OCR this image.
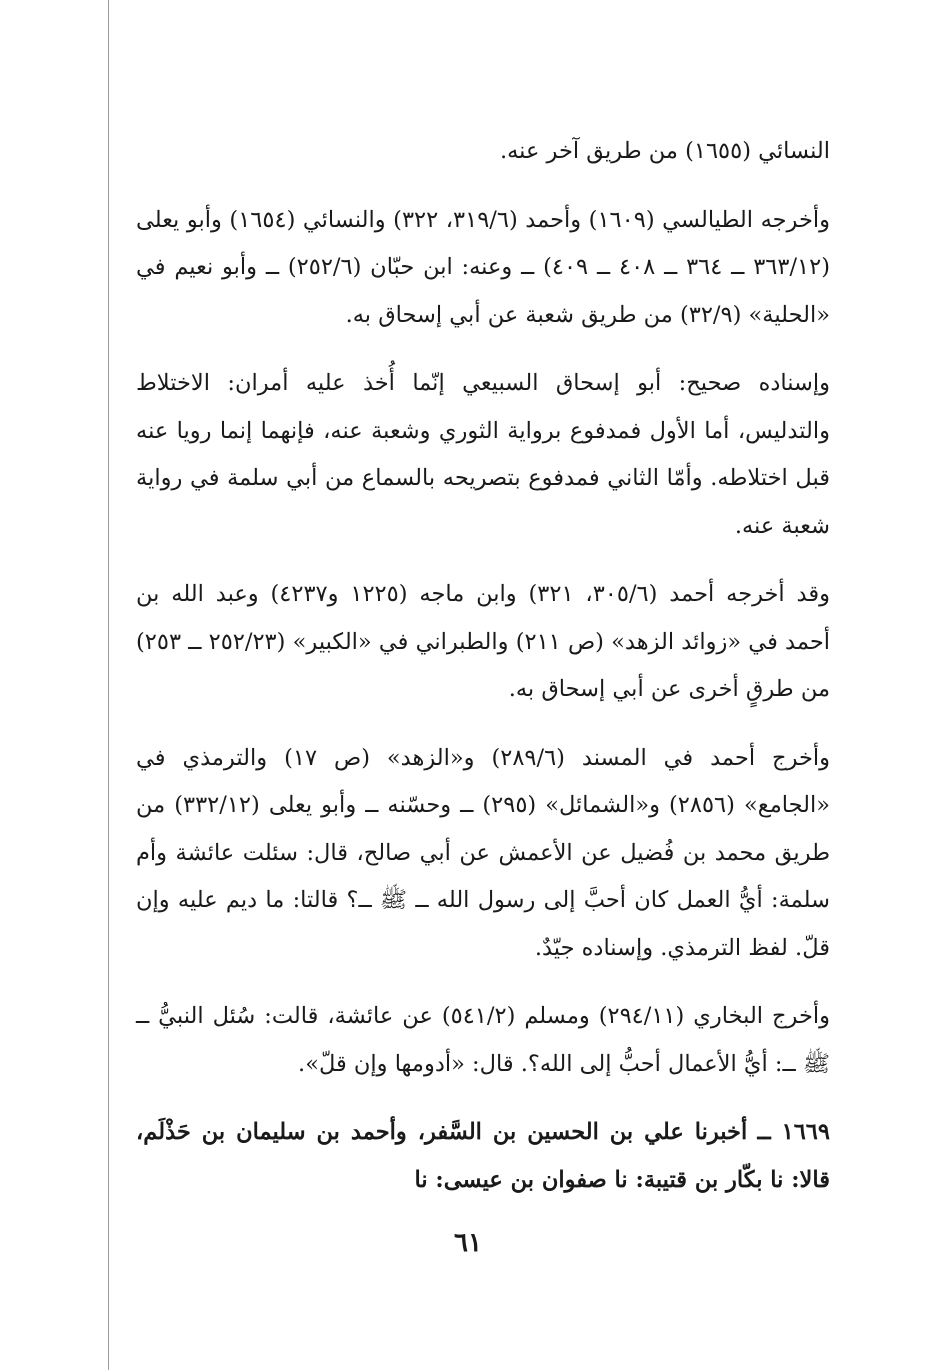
النسائي (١٦٥٥) من طريق آخر عنه.

وأخرجه الطيالسي (١٦٠٩) وأحمد (٣١٩/٦، ٣٢٢) والنسائي (١٦٥٤) وأبو يعلى (٣٦٣/١٢ ــ ٣٦٤ ــ ٤٠٨ ــ ٤٠٩) ــ وعنه: ابن حبّان (٢٥٢/٦) ــ وأبو نعيم في «الحلية» (٣٢/٩) من طريق شعبة عن أبي إسحاق به.

وإسناده صحيح: أبو إسحاق السبيعي إنّما أُخذ عليه أمران: الاختلاط والتدليس، أما الأول فمدفوع برواية الثوري وشعبة عنه، فإنهما إنما رويا عنه قبل اختلاطه. وأمّا الثاني فمدفوع بتصريحه بالسماع من أبي سلمة في رواية شعبة عنه.

وقد أخرجه أحمد (٣٠٥/٦، ٣٢١) وابن ماجه (١٢٢٥ و٤٢٣٧) وعبد الله بن أحمد في «زوائد الزهد» (ص ٢١١) والطبراني في «الكبير» (٢٥٢/٢٣ ــ ٢٥٣) من طرقٍ أخرى عن أبي إسحاق به.

وأخرج أحمد في المسند (٢٨٩/٦) و«الزهد» (ص ١٧) والترمذي في «الجامع» (٢٨٥٦) و«الشمائل» (٢٩٥) ــ وحسّنه ــ وأبو يعلى (٣٣٢/١٢) من طريق محمد بن فُضيل عن الأعمش عن أبي صالح، قال: سئلت عائشة وأم سلمة: أيُّ العمل كان أحبَّ إلى رسول الله ــ ﷺ ــ؟ قالتا: ما ديم عليه وإن قلّ. لفظ الترمذي. وإسناده جيّدٌ.

وأخرج البخاري (٢٩٤/١١) ومسلم (٥٤١/٢) عن عائشة، قالت: سُئل النبيُّ ــ ﷺ ــ: أيُّ الأعمال أحبُّ إلى الله؟. قال: «أدومها وإن قلّ».

١٦٦٩ ــ أخبرنا علي بن الحسين بن السَّفر، وأحمد بن سليمان بن حَذْلَم، قالا: نا بكّار بن قتيبة: نا صفوان بن عيسى: نا

٦١
